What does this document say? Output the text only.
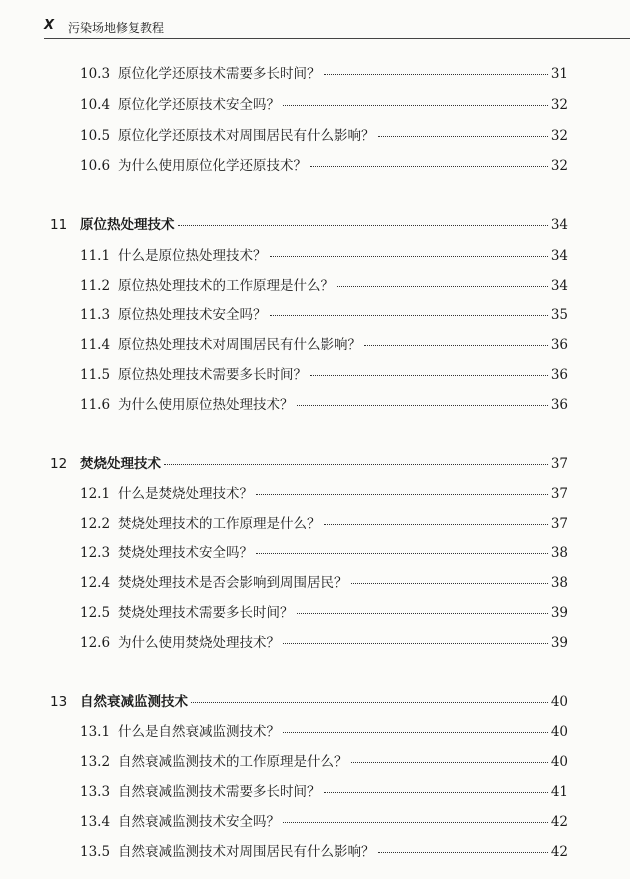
X 污染场地修复教程
10.3 原位化学还原技术需要多长时间？	31
10.4 原位化学还原技术安全吗？	32
10.5 原位化学还原技术对周围居民有什么影响？	32
10.6 为什么使用原位化学还原技术？	32
11 原位热处理技术	34
11.1 什么是原位热处理技术？	34
11.2 原位热处理技术的工作原理是什么？	34
11.3 原位热处理技术安全吗？	35
11.4 原位热处理技术对周围居民有什么影响？	36
11.5 原位热处理技术需要多长时间？	36
11.6 为什么使用原位热处理技术？	36
12 焚烧处理技术	37
12.1 什么是焚烧处理技术？	37
12.2 焚烧处理技术的工作原理是什么？	37
12.3 焚烧处理技术安全吗？	38
12.4 焚烧处理技术是否会影响到周围居民？	38
12.5 焚烧处理技术需要多长时间？	39
12.6 为什么使用焚烧处理技术？	39
13 自然衰减监测技术	40
13.1 什么是自然衰减监测技术？	40
13.2 自然衰减监测技术的工作原理是什么？	40
13.3 自然衰减监测技术需要多长时间？	41
13.4 自然衰减监测技术安全吗？	42
13.5 自然衰减监测技术对周围居民有什么影响？	42
